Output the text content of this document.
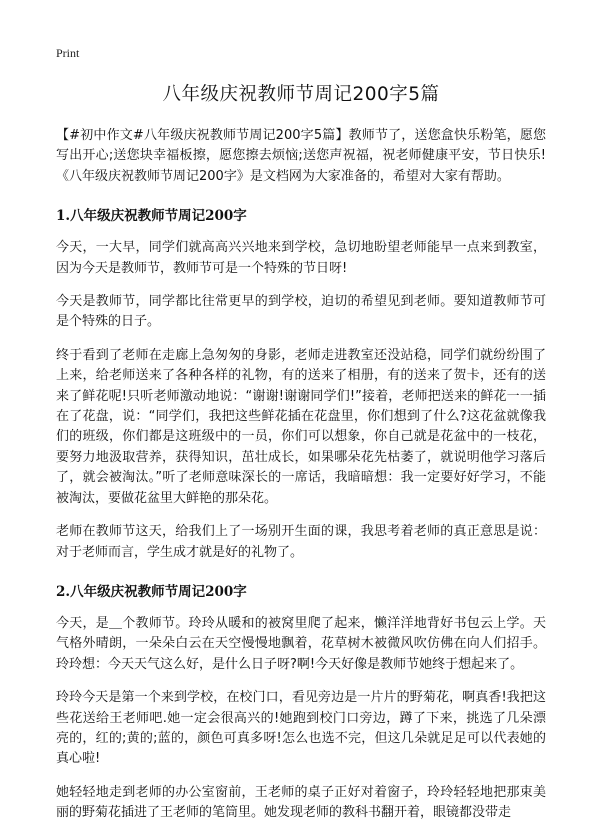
Print
八年级庆祝教师节周记200字5篇

【#初中作文#八年级庆祝教师节周记200字5篇】教师节了，送您盒快乐粉笔，愿您写出开心;送您块幸福板擦，愿您擦去烦恼;送您声祝福，祝老师健康平安，节日快乐!《八年级庆祝教师节周记200字》是文档网为大家准备的，希望对大家有帮助。

1.八年级庆祝教师节周记200字

今天，一大早，同学们就高高兴兴地来到学校，急切地盼望老师能早一点来到教室，因为今天是教师节，教师节可是一个特殊的节日呀!

今天是教师节，同学都比往常更早的到学校，迫切的希望见到老师。要知道教师节可是个特殊的日子。

终于看到了老师在走廊上急匆匆的身影，老师走进教室还没站稳，同学们就纷纷围了上来，给老师送来了各种各样的礼物，有的送来了相册，有的送来了贺卡，还有的送来了鲜花呢!只听老师激动地说：“谢谢!谢谢同学们!”接着，老师把送来的鲜花一一插在了花盘，说：“同学们，我把这些鲜花插在花盘里，你们想到了什么?这花盆就像我们的班级，你们都是这班级中的一员，你们可以想象，你自己就是花盆中的一枝花，要努力地汲取营养，获得知识，茁壮成长，如果哪朵花先枯萎了，就说明他学习落后了，就会被淘汰。”听了老师意味深长的一席话，我暗暗想：我一定要好好学习，不能被淘汰，要做花盆里大鲜艳的那朵花。

老师在教师节这天，给我们上了一场别开生面的课，我思考着老师的真正意思是说：对于老师而言，学生成才就是好的礼物了。

2.八年级庆祝教师节周记200字

今天，是＿个教师节。玲玲从暖和的被窝里爬了起来，懒洋洋地背好书包云上学。天气格外晴朗，一朵朵白云在天空慢慢地飘着，花草树木被微风吹仿佛在向人们招手。玲玲想：今天天气这么好，是什么日子呀?啊!今天好像是教师节她终于想起来了。

玲玲今天是第一个来到学校，在校门口，看见旁边是一片片的野菊花，啊真香!我把这些花送给王老师吧.她一定会很高兴的!她跑到校门口旁边，蹲了下来，挑选了几朵漂亮的，红的;黄的;蓝的，颜色可真多呀!怎么也选不完，但这几朵就足足可以代表她的真心啦!

她轻轻地走到老师的办公室窗前，王老师的桌子正好对着窗子，玲玲轻轻地把那束美丽的野菊花插进了王老师的笔筒里。她发现老师的教科书翻开着，眼镜都没带走
